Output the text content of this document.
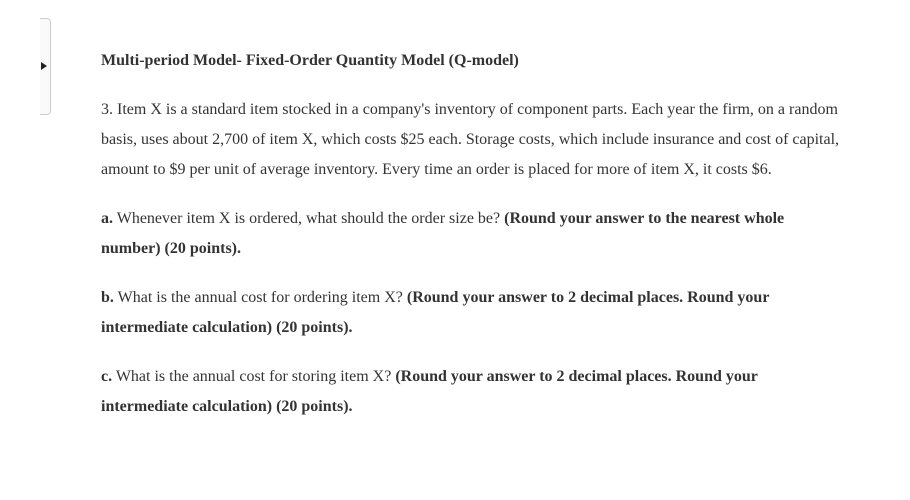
Multi-period Model- Fixed-Order Quantity Model (Q-model)

3. Item X is a standard item stocked in a company's inventory of component parts. Each year the firm, on a random basis, uses about 2,700 of item X, which costs $25 each. Storage costs, which include insurance and cost of capital, amount to $9 per unit of average inventory. Every time an order is placed for more of item X, it costs $6.

a. Whenever item X is ordered, what should the order size be? (Round your answer to the nearest whole number) (20 points).

b. What is the annual cost for ordering item X? (Round your answer to 2 decimal places. Round your intermediate calculation) (20 points).

c. What is the annual cost for storing item X? (Round your answer to 2 decimal places. Round your intermediate calculation) (20 points).
